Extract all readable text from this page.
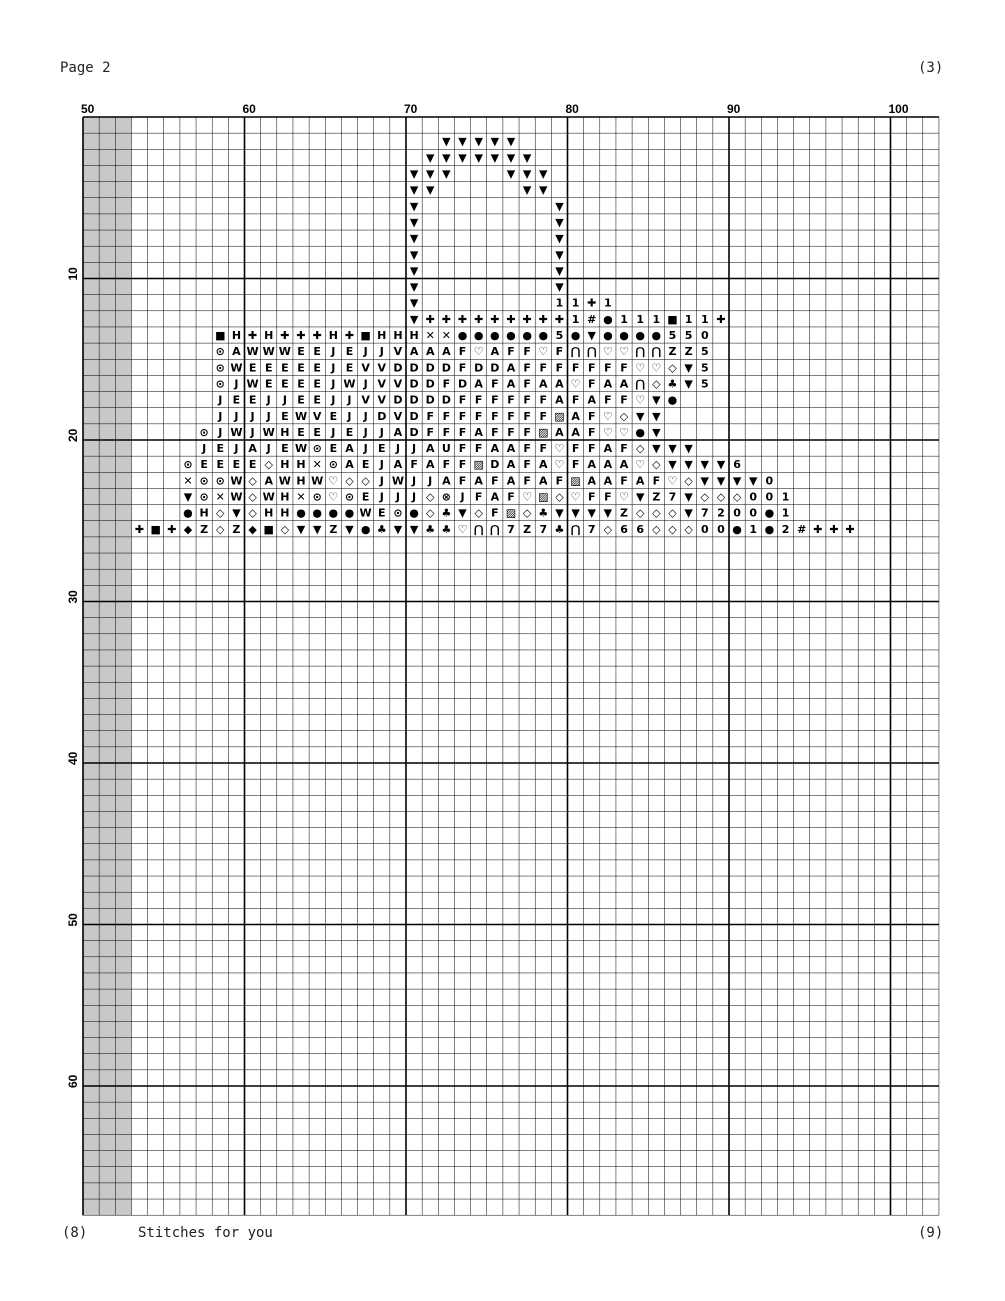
Page 2	(3)
(8)	Stitches for you	(9)
50	60	70	80	90	100
10
20
30
40
50
60
▼ ▼ ▼ ▼ ▼
▼ ▼ ▼ ▼ ▼ ▼ ▼
▼ ▼ ▼	▼ ▼ ▼
▼ ▼	▼ ▼
▼	▼
▼	▼
▼	▼
▼	▼
▼	▼
▼	▼
▼	1 1 ✚ 1
▼ ✚ ✚ ✚ ✚ ✚ ✚ ✚ ✚ ✚ 1 # ● 1 1 1 ■ 1 1 ✚
■ H ✚ H ✚ ✚ ✚ H ✚ ■ H H H ✕ ✕ ● ● ● ● ● ● 5 ● ▼ ● ● ● ● 5 5 0
⊙ A W W W E E J E J J V A A A F ♡ A F F ♡ F ⋂ ⋂ ♡ ♡ ⋂ ⋂ Z Z 5
⊙ W E E E E E J E V V D D D D F D D A F F F F F F F ♡ ♡ ◇ ▼ 5
⊙ J W E E E E J W J V V D D F D A F A F A A ♡ F A A ⋂ ◇ ♣ ▼ 5
J E E J J E E J J V V D D D D F F F F F F A F A F F ♡ ▼ ●
J J J J E W V E J J D V D F F F F F F F F ▨ A F ♡ ◇ ▼ ▼
⊙ J W J W H E E J E J J A D F F F A F F F ▨ A A F ♡ ♡ ● ▼
J E J A J E W ⊙ E A J E J J A U F F A A F F ♡ F F A F ◇ ▼ ▼ ▼
⊙ E E E E ◇ H H ✕ ⊙ A E J A F A F F ▨ D A F A ♡ F A A A ♡ ◇ ▼ ▼ ▼ ▼ 6
✕ ⊙ ⊙ W ◇ A W H W ♡ ◇ ◇ J W J J A F A F A F A F ▨ A A F A F ♡ ◇ ▼ ▼ ▼ ▼ 0
▼ ⊙ ✕ W ◇ W H ✕ ⊙ ♡ ⊙ E J J J ◇ ⊗ J F A F ♡ ▨ ◇ ♡ F F ♡ ▼ Z 7 ▼ ◇ ◇ ◇ 0 0 1
● H ◇ ▼ ◇ H H ● ● ● ● W E ⊙ ● ◇ ♣ ▼ ◇ F ▨ ◇ ♣ ▼ ▼ ▼ ▼ Z ◇ ◇ ◇ ▼ 7 2 0 0 ● 1
✚ ■ ✚ ◆ Z ◇ Z ◆ ■ ◇ ▼ ▼ Z ▼ ● ♣ ▼ ▼ ♣ ♣ ♡ ⋂ ⋂ 7 Z 7 ♣ ⋂ 7 ◇ 6 6 ◇ ◇ ◇ 0 0 ● 1 ● 2 # ✚ ✚ ✚
